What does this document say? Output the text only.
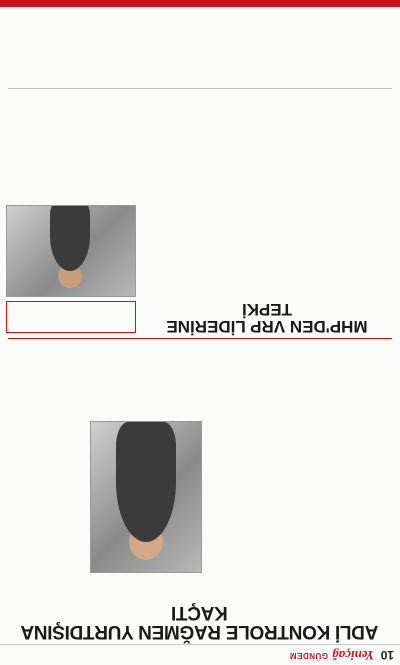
10
Yeniçağ
GÜNDEM
ADLİ KONTROLE RAĞMEN YURTDIŞINA KAÇTI
MHP'DEN VRP LİDERİNE TEPKİ
